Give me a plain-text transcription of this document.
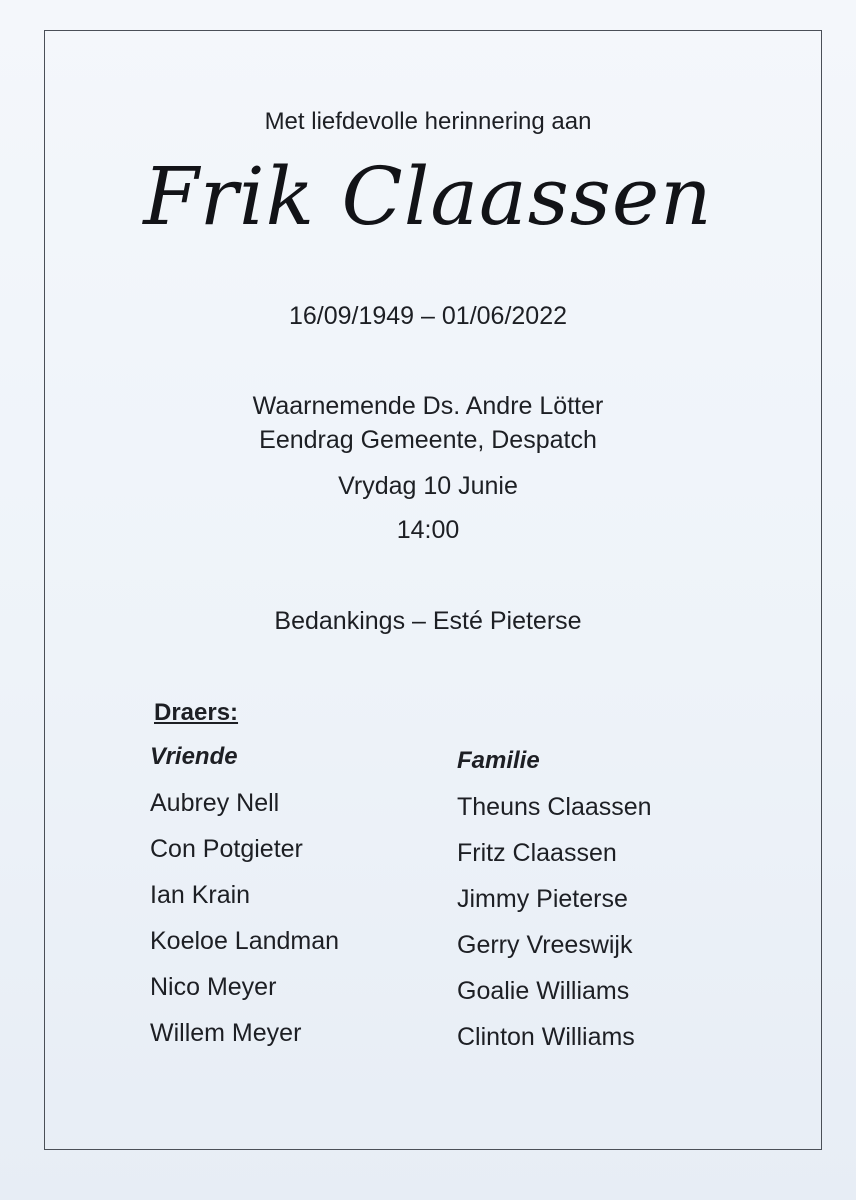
Met liefdevolle herinnering aan
Frik Claassen
16/09/1949 – 01/06/2022
Waarnemende Ds. Andre Lötter
Eendrag Gemeente, Despatch
Vrydag 10 Junie
14:00
Bedankings – Esté Pieterse
Draers:
Vriende
Aubrey Nell
Con Potgieter
Ian Krain
Koeloe Landman
Nico Meyer
Willem Meyer
Familie
Theuns Claassen
Fritz Claassen
Jimmy Pieterse
Gerry Vreeswijk
Goalie Williams
Clinton Williams
